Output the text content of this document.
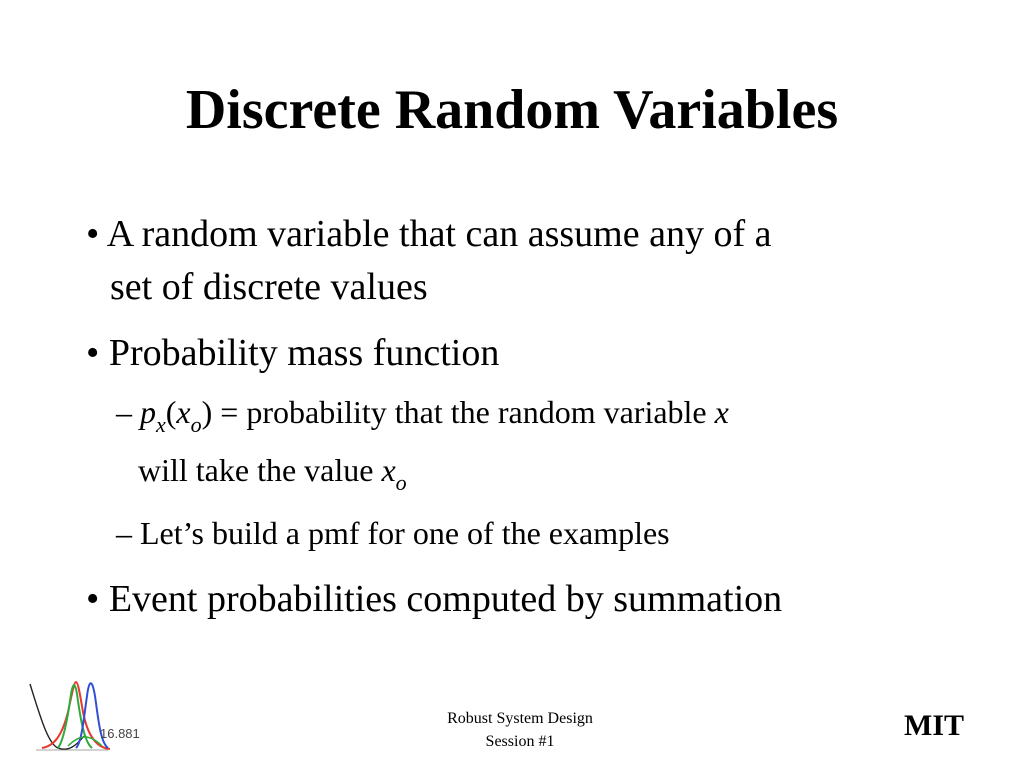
Discrete Random Variables
• A random variable that can assume any of a
set of discrete values
• Probability mass function
– $p_x(x_o)$ = probability that the random variable x
will take the value $x_o$
– Let’s build a pmf for one of the examples
• Event probabilities computed by summation
16.881
Robust System Design
Session #1	MIT
